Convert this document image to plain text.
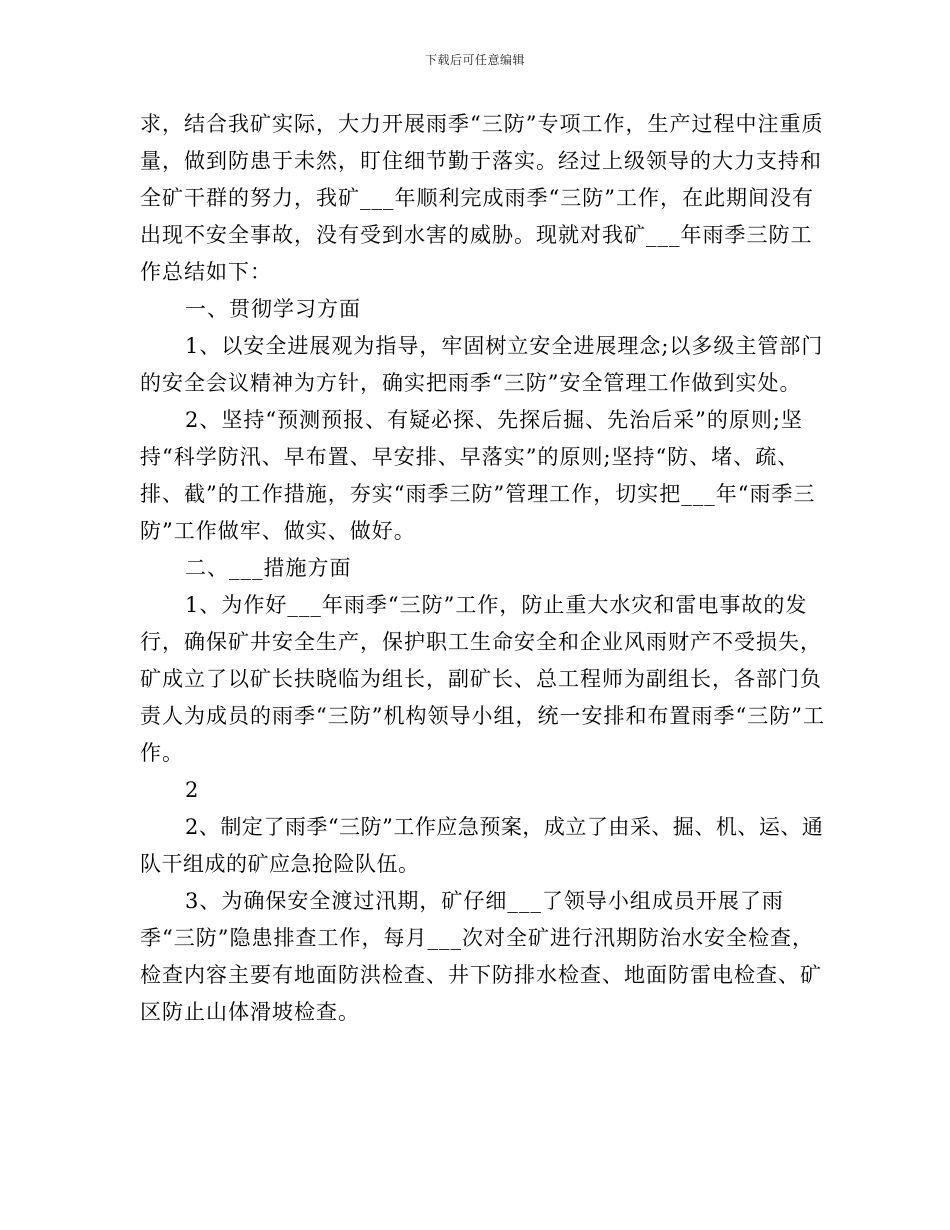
下载后可任意编辑

求，结合我矿实际，大力开展雨季“三防”专项工作，生产过程中注重质量，做到防患于未然，盯住细节勤于落实。经过上级领导的大力支持和全矿干群的努力，我矿___年顺利完成雨季“三防”工作，在此期间没有出现不安全事故，没有受到水害的威胁。现就对我矿___年雨季三防工作总结如下：

一、贯彻学习方面

1、以安全进展观为指导，牢固树立安全进展理念;以多级主管部门的安全会议精神为方针，确实把雨季“三防”安全管理工作做到实处。

2、坚持“预测预报、有疑必探、先探后掘、先治后采”的原则;坚持“科学防汛、早布置、早安排、早落实”的原则;坚持“防、堵、疏、排、截”的工作措施，夯实“雨季三防”管理工作，切实把___年“雨季三防”工作做牢、做实、做好。

二、___措施方面

1、为作好___年雨季“三防”工作，防止重大水灾和雷电事故的发行，确保矿井安全生产，保护职工生命安全和企业风雨财产不受损失，矿成立了以矿长扶晓临为组长，副矿长、总工程师为副组长，各部门负责人为成员的雨季“三防”机构领导小组，统一安排和布置雨季“三防”工作。

2

2、制定了雨季“三防”工作应急预案，成立了由采、掘、机、运、通队干组成的矿应急抢险队伍。

3、为确保安全渡过汛期，矿仔细___了领导小组成员开展了雨季“三防”隐患排查工作，每月___次对全矿进行汛期防治水安全检查，检查内容主要有地面防洪检查、井下防排水检查、地面防雷电检查、矿区防止山体滑坡检查。
